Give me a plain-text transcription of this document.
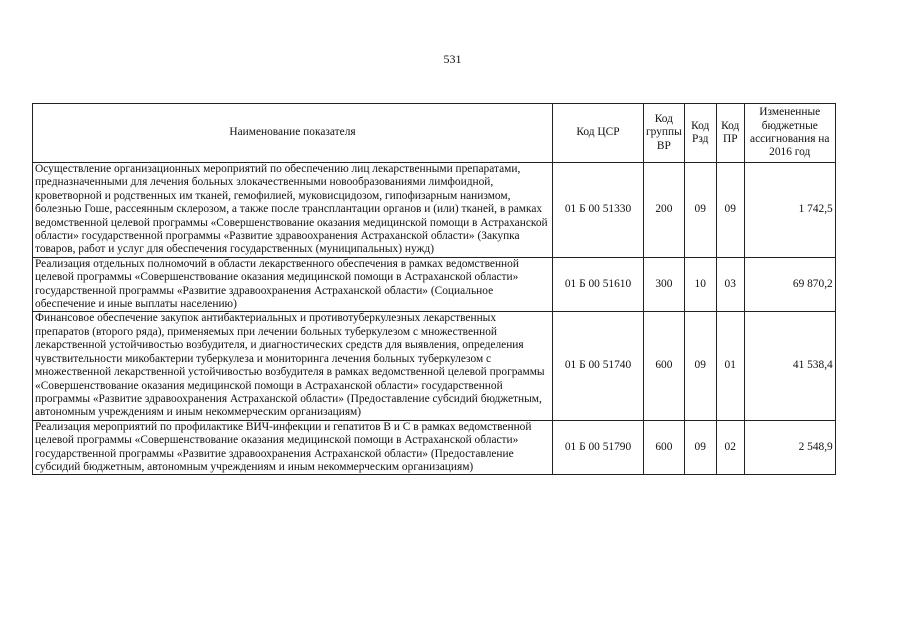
531
Наименование показателя	Код ЦСР	Код группы ВР	Код Рзд	Код ПР	Измененные бюджетные ассигнования на 2016 год
Осуществление организационных мероприятий по обеспечению лиц лекарственными препаратами, предназначенными для лечения больных злокачественными новообразованиями лимфоидной, кроветворной и родственных им тканей, гемофилией, муковисцидозом, гипофизарным нанизмом, болезнью Гоше, рассеянным склерозом, а также после трансплантации органов и (или) тканей, в рамках ведомственной целевой программы «Совершенствование оказания медицинской помощи в Астраханской области» государственной программы «Развитие здравоохранения Астраханской области» (Закупка товаров, работ и услуг для обеспечения государственных (муниципальных) нужд)	01 Б 00 51330	200	09	09	1 742,5
Реализация отдельных полномочий в области лекарственного обеспечения в рамках ведомственной целевой программы «Совершенствование оказания медицинской помощи в Астраханской области» государственной программы «Развитие здравоохранения Астраханской области» (Социальное обеспечение и иные выплаты населению)	01 Б 00 51610	300	10	03	69 870,2
Финансовое обеспечение закупок антибактериальных и противотуберкулезных лекарственных препаратов (второго ряда), применяемых при лечении больных туберкулезом с множественной лекарственной устойчивостью возбудителя, и диагностических средств для выявления, определения чувствительности микобактерии туберкулеза и мониторинга лечения больных туберкулезом с множественной лекарственной устойчивостью возбудителя в рамках ведомственной целевой программы «Совершенствование оказания медицинской помощи в Астраханской области» государственной программы «Развитие здравоохранения Астраханской области» (Предоставление субсидий бюджетным, автономным учреждениям и иным некоммерческим организациям)	01 Б 00 51740	600	09	01	41 538,4
Реализация мероприятий по профилактике ВИЧ-инфекции и гепатитов B и C в рамках ведомственной целевой программы «Совершенствование оказания медицинской помощи в Астраханской области» государственной программы «Развитие здравоохранения Астраханской области» (Предоставление субсидий бюджетным, автономным учреждениям и иным некоммерческим организациям)	01 Б 00 51790	600	09	02	2 548,9
